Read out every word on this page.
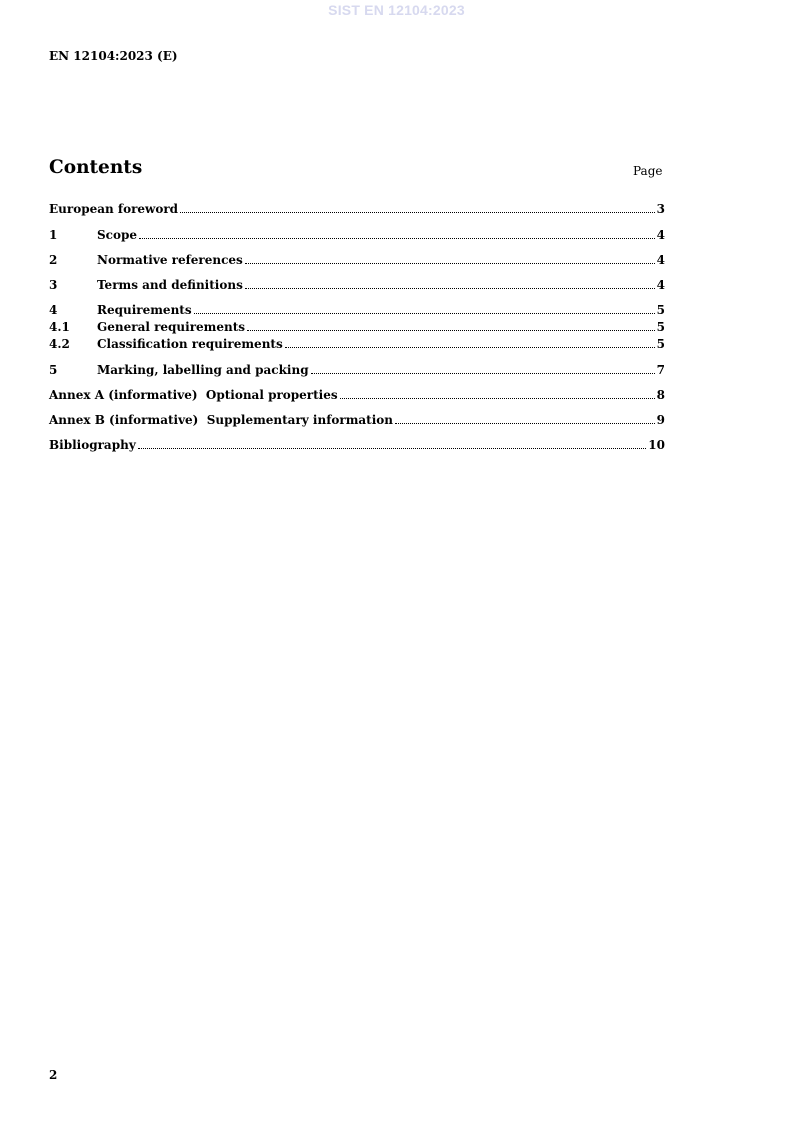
SIST EN 12104:2023
EN 12104:2023 (E)
Contents	Page
European foreword	3
1	Scope	4
2	Normative references	4
3	Terms and definitions	4
4	Requirements	5
4.1	General requirements	5
4.2	Classification requirements	5
5	Marking, labelling and packing	7
Annex A (informative)  Optional properties	8
Annex B (informative)  Supplementary information	9
Bibliography	10
2
